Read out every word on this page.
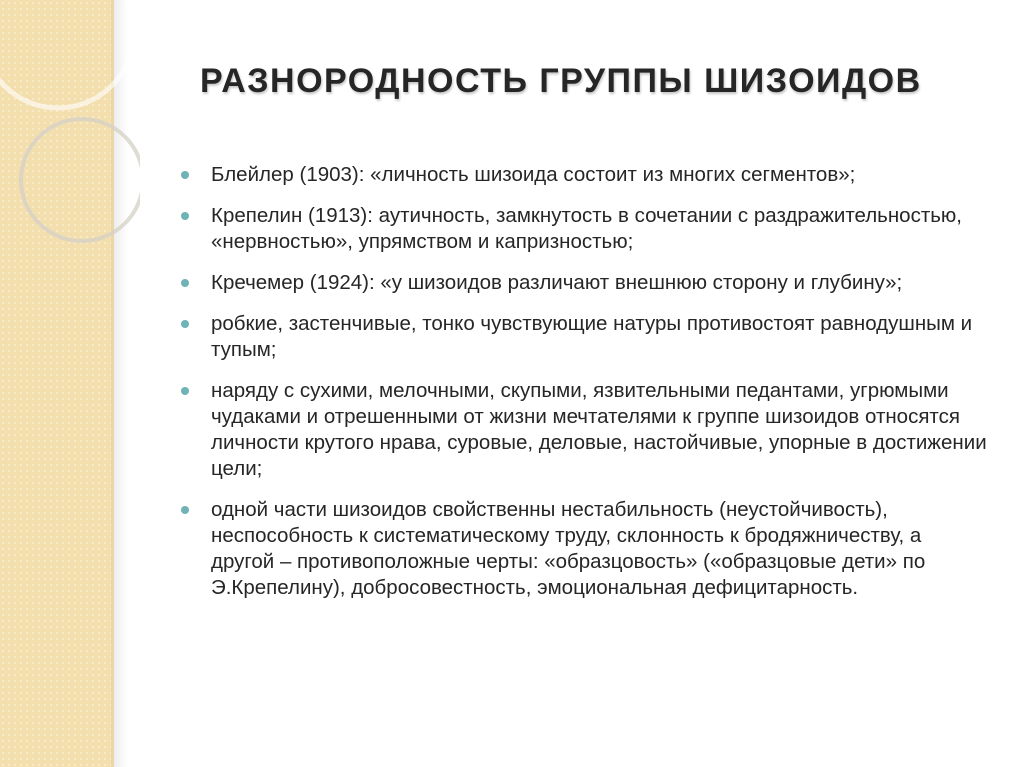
РАЗНОРОДНОСТЬ ГРУППЫ ШИЗОИДОВ
Блейлер (1903): «личность шизоида состоит из многих сегментов»;
Крепелин (1913): аутичность, замкнутость в сочетании с раздражительностью, «нервностью», упрямством и капризностью;
Кречемер (1924): «у шизоидов различают внешнюю сторону и глубину»;
робкие, застенчивые, тонко чувствующие натуры противостоят равнодушным и тупым;
наряду с сухими, мелочными, скупыми, язвительными педантами, угрюмыми чудаками и отрешенными от жизни мечтателями к группе шизоидов относятся личности крутого нрава, суровые, деловые, настойчивые, упорные в достижении цели;
одной части шизоидов свойственны нестабильность (неустойчивость), неспособность к систематическому труду, склонность к бродяжничеству, а другой – противоположные черты: «образцовость» («образцовые дети» по Э.Крепелину), добросовестность, эмоциональная дефицитарность.
